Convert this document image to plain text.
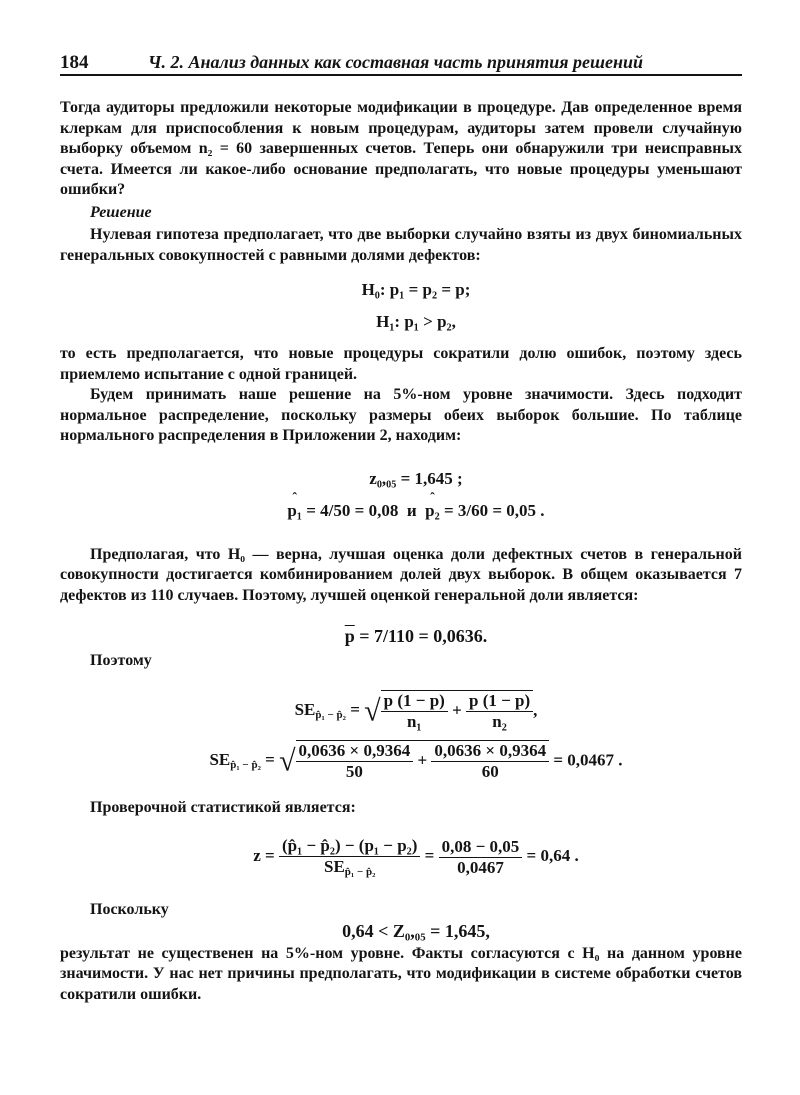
184	Ч. 2. Анализ данных как составная часть принятия решений

Тогда аудиторы предложили некоторые модификации в процедуре. Дав определенное время клеркам для приспособления к новым процедурам, аудиторы затем провели случайную выборку объемом n₂ = 60 завершенных счетов. Теперь они обнаружили три неисправных счета. Имеется ли какое-либо основание предполагать, что новые процедуры уменьшают ошибки?

Решение

Нулевая гипотеза предполагает, что две выборки случайно взяты из двух биномиальных генеральных совокупностей с равными долями дефектов:

H₀: p₁ = p₂ = p;
H₁: p₁ > p₂,

то есть предполагается, что новые процедуры сократили долю ошибок, поэтому здесь приемлемо испытание с одной границей.

Будем принимать наше решение на 5%-ном уровне значимости. Здесь подходит нормальное распределение, поскольку размеры обеих выборок большие. По таблице нормального распределения в Приложении 2, находим:

z₀,₀₅ = 1,645 ;
ˆ p₁ = 4/50 = 0,08 и ˆ p₂ = 3/60 = 0,05 .

Предполагая, что H₀ — верна, лучшая оценка доли дефектных счетов в генеральной совокупности достигается комбинированием долей двух выборок. В общем оказывается 7 дефектов из 110 случаев. Поэтому, лучшей оценкой генеральной доли является:

$\overline{p} = 7/110 = 0,0636$.

Поэтому

$SE_{p̂_1 - p̂_2}$ = √ $\frac{p (1 - p)}{\text{n₁}} + \frac{p (1 - p)}{\text{n₂}}$ ,
$SE_{p̂_1 - p̂_2}$ = √ $\frac{0,0636 \times 0,9364}{50} + \frac{0,0636 \times 0,9364}{60} = 0,0467$ .

Проверочной статистикой является:

$z = \frac{\text{(p̂₁ − p̂₂) − (p₁ − p₂)}}{SE_{p̂_1 - p̂_2}} = \frac{0,08 - 0,05}{0,0467} = 0,64$ .

Поскольку

0,64 < Z₀,₀₅ = 1,645,

результат не существенен на 5%-ном уровне. Факты согласуются с H₀ на данном уровне значимости. У нас нет причины предполагать, что модификации в системе обработки счетов сократили ошибки.
